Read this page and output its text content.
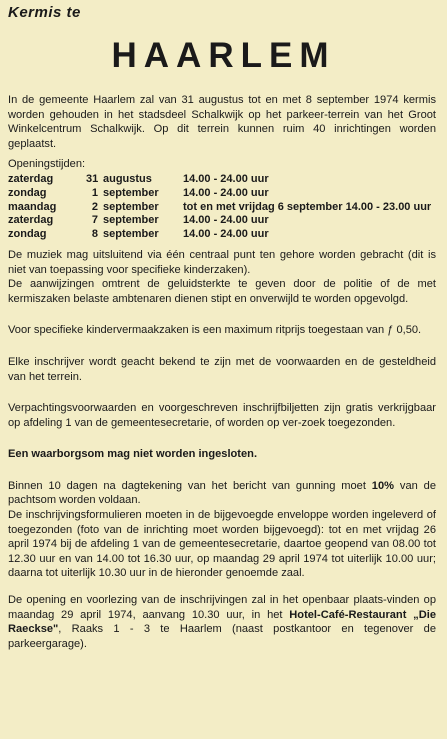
Kermis te
HAARLEM

In de gemeente Haarlem zal van 31 augustus tot en met 8 september 1974 kermis worden gehouden in het stadsdeel Schalkwijk op het parkeer-terrein van het Groot Winkelcentrum Schalkwijk. Op dit terrein kunnen ruim 40 inrichtingen worden geplaatst.

Openingstijden:
zaterdag	31 augustus	14.00 - 24.00 uur
zondag	1 september	14.00 - 24.00 uur
maandag	2 september	tot en met vrijdag 6 september 14.00 - 23.00 uur
zaterdag	7 september	14.00 - 24.00 uur
zondag	8 september	14.00 - 24.00 uur

De muziek mag uitsluitend via één centraal punt ten gehore worden gebracht (dit is niet van toepassing voor specifieke kinderzaken).

De aanwijzingen omtrent de geluidsterkte te geven door de politie of de met kermiszaken belaste ambtenaren dienen stipt en onverwijld te worden opgevolgd.

Voor specifieke kindervermaakzaken is een maximum ritprijs toegestaan van ƒ 0,50.

Elke inschrijver wordt geacht bekend te zijn met de voorwaarden en de gesteldheid van het terrein.

Verpachtingsvoorwaarden en voorgeschreven inschrijfbiljetten zijn gratis verkrijgbaar op afdeling 1 van de gemeentesecretarie, of worden op ver-zoek toegezonden.

Een waarborgsom mag niet worden ingesloten.

Binnen 10 dagen na dagtekening van het bericht van gunning moet 10% van de pachtsom worden voldaan.

De inschrijvingsformulieren moeten in de bijgevoegde enveloppe worden ingeleverd of toegezonden (foto van de inrichting moet worden bijgevoegd): tot en met vrijdag 26 april 1974 bij de afdeling 1 van de gemeentesecretarie, daartoe geopend van 08.00 tot 12.30 uur en van 14.00 tot 16.30 uur, op maandag 29 april 1974 tot uiterlijk 10.00 uur; daarna tot uiterlijk 10.30 uur in de hieronder genoemde zaal.

De opening en voorlezing van de inschrijvingen zal in het openbaar plaats-vinden op maandag 29 april 1974, aanvang 10.30 uur, in het Hotel-Café-Restaurant „Die Raeckse", Raaks 1 - 3 te Haarlem (naast postkantoor en tegenover de parkeergarage).
